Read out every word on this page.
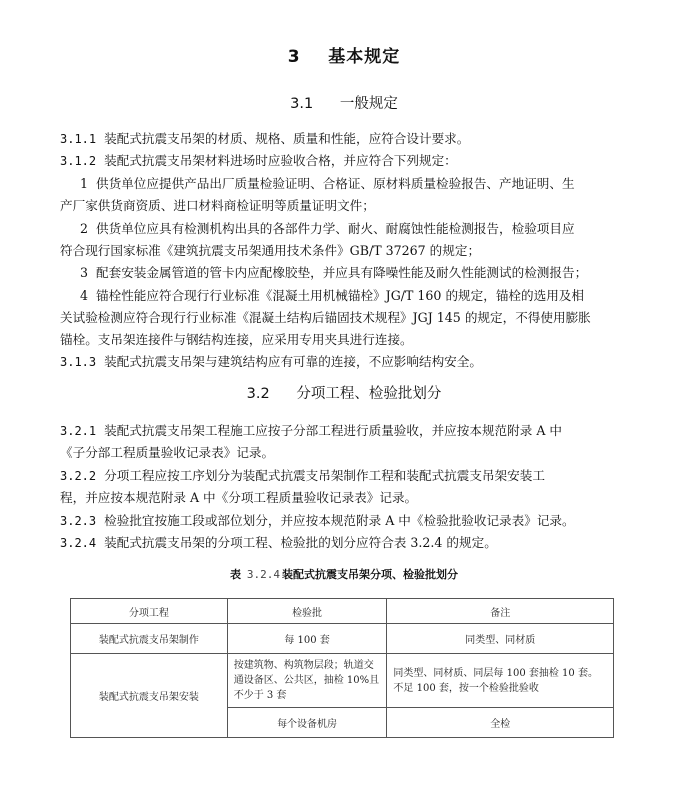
3 基本规定
3.1 一般规定
3.1.1 装配式抗震支吊架的材质、规格、质量和性能，应符合设计要求。
3.1.2 装配式抗震支吊架材料进场时应验收合格，并应符合下列规定：
1 供货单位应提供产品出厂质量检验证明、合格证、原材料质量检验报告、产地证明、生
产厂家供货商资质、进口材料商检证明等质量证明文件；
2 供货单位应具有检测机构出具的各部件力学、耐火、耐腐蚀性能检测报告，检验项目应
符合现行国家标准《建筑抗震支吊架通用技术条件》GB/T 37267 的规定；
3 配套安装金属管道的管卡内应配橡胶垫，并应具有降噪性能及耐久性能测试的检测报告；
4 锚栓性能应符合现行行业标准《混凝土用机械锚栓》JG/T 160 的规定，锚栓的选用及相
关试验检测应符合现行行业标准《混凝土结构后锚固技术规程》JGJ 145 的规定，不得使用膨胀
锚栓。支吊架连接件与钢结构连接，应采用专用夹具进行连接。
3.1.3 装配式抗震支吊架与建筑结构应有可靠的连接，不应影响结构安全。
3.2 分项工程、检验批划分
3.2.1 装配式抗震支吊架工程施工应按子分部工程进行质量验收，并应按本规范附录 A 中
《子分部工程质量验收记录表》记录。
3.2.2 分项工程应按工序划分为装配式抗震支吊架制作工程和装配式抗震支吊架安装工
程，并应按本规范附录 A 中《分项工程质量验收记录表》记录。
3.2.3 检验批宜按施工段或部位划分，并应按本规范附录 A 中《检验批验收记录表》记录。
3.2.4 装配式抗震支吊架的分项工程、检验批的划分应符合表 3.2.4 的规定。
表 3.2.4 装配式抗震支吊架分项、检验批划分
分项工程	检验批	备注
装配式抗震支吊架制作	每 100 套	同类型、同材质
装配式抗震支吊架安装	按建筑物、构筑物层段；轨道交通设备区、公共区，抽检 10%且不少于 3 套	同类型、同材质、同层每 100 套抽检 10 套。不足 100 套，按一个检验批验收
	每个设备机房	全检
